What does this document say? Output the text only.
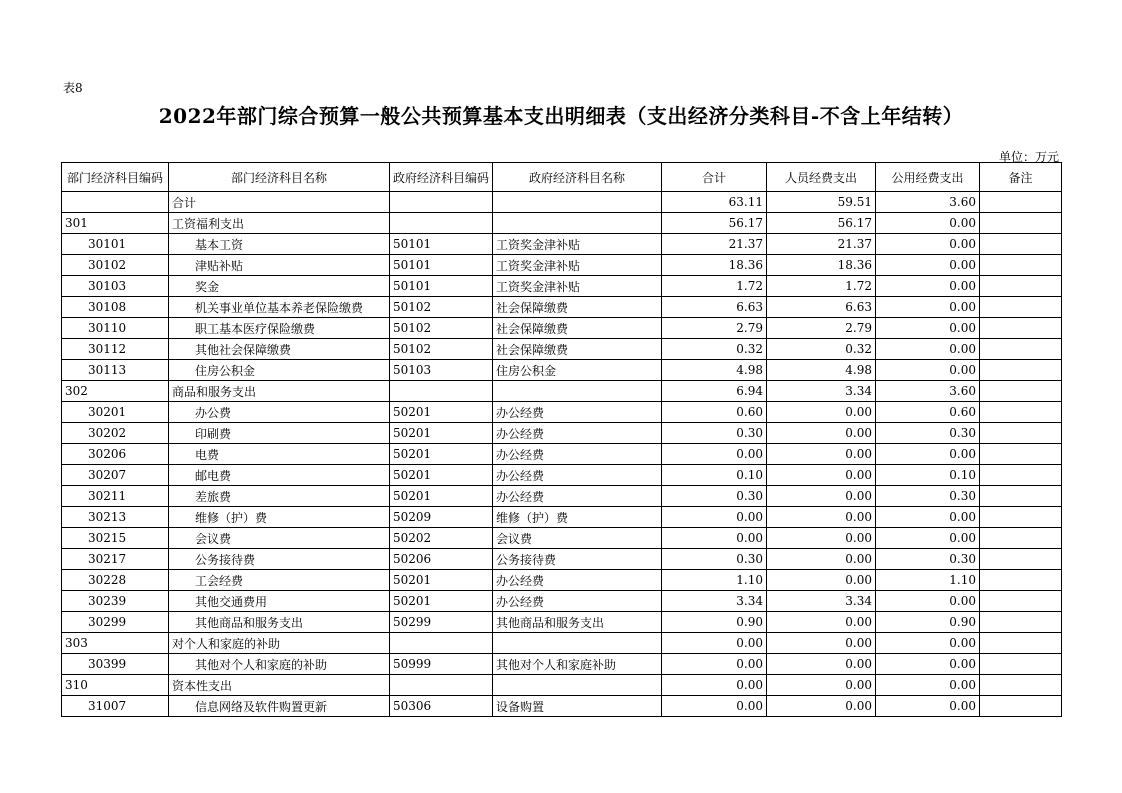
表8
2022年部门综合预算一般公共预算基本支出明细表（支出经济分类科目-不含上年结转）
单位：万元
部门经济科目编码	部门经济科目名称	政府经济科目编码	政府经济科目名称	合计	人员经费支出	公用经费支出	备注
	合计			63.11	59.51	3.60	
301	工资福利支出			56.17	56.17	0.00	
30101	基本工资	50101	工资奖金津补贴	21.37	21.37	0.00	
30102	津贴补贴	50101	工资奖金津补贴	18.36	18.36	0.00	
30103	奖金	50101	工资奖金津补贴	1.72	1.72	0.00	
30108	机关事业单位基本养老保险缴费	50102	社会保障缴费	6.63	6.63	0.00	
30110	职工基本医疗保险缴费	50102	社会保障缴费	2.79	2.79	0.00	
30112	其他社会保障缴费	50102	社会保障缴费	0.32	0.32	0.00	
30113	住房公积金	50103	住房公积金	4.98	4.98	0.00	
302	商品和服务支出			6.94	3.34	3.60	
30201	办公费	50201	办公经费	0.60	0.00	0.60	
30202	印刷费	50201	办公经费	0.30	0.00	0.30	
30206	电费	50201	办公经费	0.00	0.00	0.00	
30207	邮电费	50201	办公经费	0.10	0.00	0.10	
30211	差旅费	50201	办公经费	0.30	0.00	0.30	
30213	维修（护）费	50209	维修（护）费	0.00	0.00	0.00	
30215	会议费	50202	会议费	0.00	0.00	0.00	
30217	公务接待费	50206	公务接待费	0.30	0.00	0.30	
30228	工会经费	50201	办公经费	1.10	0.00	1.10	
30239	其他交通费用	50201	办公经费	3.34	3.34	0.00	
30299	其他商品和服务支出	50299	其他商品和服务支出	0.90	0.00	0.90	
303	对个人和家庭的补助			0.00	0.00	0.00	
30399	其他对个人和家庭的补助	50999	其他对个人和家庭补助	0.00	0.00	0.00	
310	资本性支出			0.00	0.00	0.00	
31007	信息网络及软件购置更新	50306	设备购置	0.00	0.00	0.00	
